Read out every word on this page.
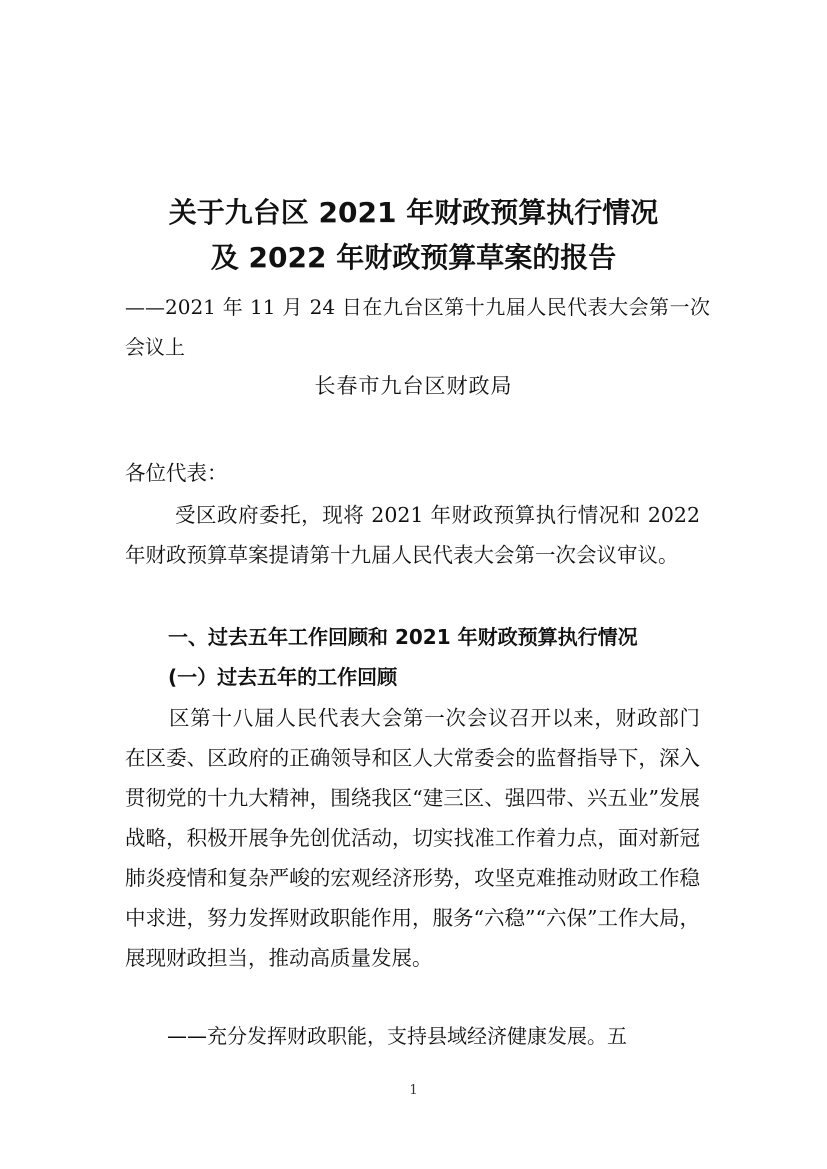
关于九台区 2021 年财政预算执行情况
及 2022 年财政预算草案的报告
——2021 年 11 月 24 日在九台区第十九届人民代表大会第一次会议上
长春市九台区财政局
各位代表：
受区政府委托，现将 2021 年财政预算执行情况和 2022 年财政预算草案提请第十九届人民代表大会第一次会议审议。
一、过去五年工作回顾和 2021 年财政预算执行情况
(一）过去五年的工作回顾
区第十八届人民代表大会第一次会议召开以来，财政部门在区委、区政府的正确领导和区人大常委会的监督指导下，深入贯彻党的十九大精神，围绕我区“建三区、强四带、兴五业”发展战略，积极开展争先创优活动，切实找准工作着力点，面对新冠肺炎疫情和复杂严峻的宏观经济形势，攻坚克难推动财政工作稳中求进，努力发挥财政职能作用，服务“六稳”“六保”工作大局，展现财政担当，推动高质量发展。
——充分发挥财政职能，支持县域经济健康发展。五
1
